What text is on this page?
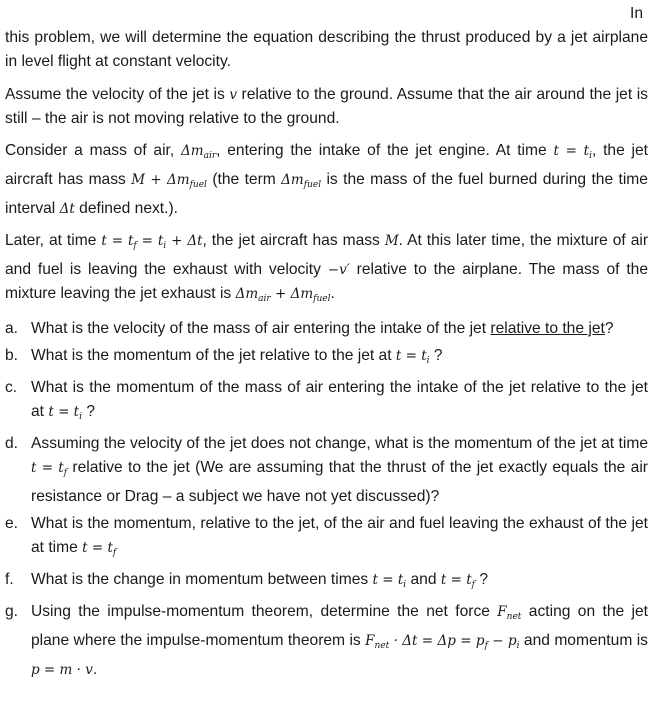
In

this problem, we will determine the equation describing the thrust produced by a jet airplane in level flight at constant velocity.

Assume the velocity of the jet is v relative to the ground. Assume that the air around the jet is still – the air is not moving relative to the ground.

Consider a mass of air, $\Delta m_{air}$, entering the intake of the jet engine. At time $t = t_i$, the jet aircraft has mass $M + \Delta m_{fuel}$ (the term $\Delta m_{fuel}$ is the mass of the fuel burned during the time interval Δt defined next.).

Later, at time $t = t_f = t_i + \Delta t$, the jet aircraft has mass M. At this later time, the mixture of air and fuel is leaving the exhaust with velocity −v′ relative to the airplane. The mass of the mixture leaving the jet exhaust is $\Delta m_{air} + \Delta m_{fuel}$.

a. What is the velocity of the mass of air entering the intake of the jet relative to the jet?
b. What is the momentum of the jet relative to the jet at $t = t_i$ ?
c. What is the momentum of the mass of air entering the intake of the jet relative to the jet at $t = t_i$ ?
d. Assuming the velocity of the jet does not change, what is the momentum of the jet at time $t = t_f$ relative to the jet (We are assuming that the thrust of the jet exactly equals the air resistance or Drag – a subject we have not yet discussed)?
e. What is the momentum, relative to the jet, of the air and fuel leaving the exhaust of the jet at time $t = t_f$
f. What is the change in momentum between times $t = t_i$ and $t = t_f$ ?
g. Using the impulse-momentum theorem, determine the net force $F_{net}$ acting on the jet plane where the impulse-momentum theorem is $F_{net} \cdot \Delta t = \Delta p = p_f - p_i$ and momentum is p = m · v.
